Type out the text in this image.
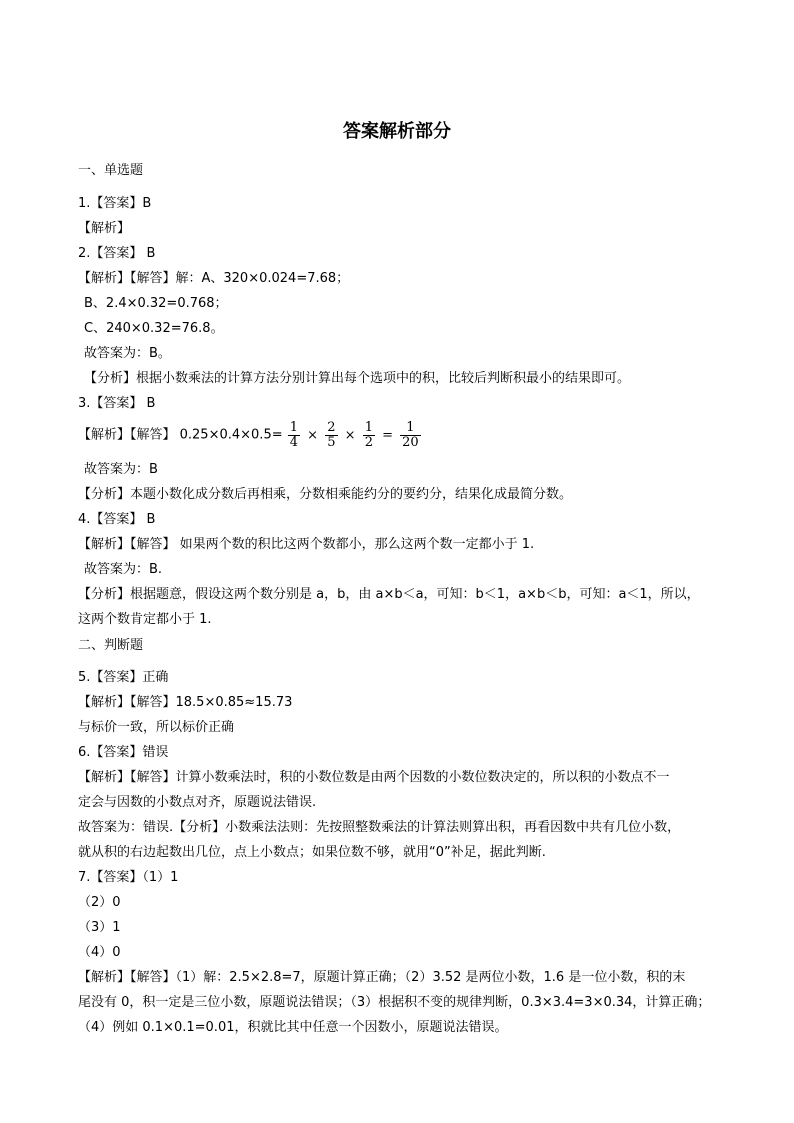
答案解析部分
一、单选题
1.【答案】B
【解析】
2.【答案】 B
【解析】【解答】解：A、320×0.024=7.68；
B、2.4×0.32=0.768；
C、240×0.32=76.8。
故答案为：B。
【分析】根据小数乘法的计算方法分别计算出每个选项中的积，比较后判断积最小的结果即可。
3.【答案】 B
【解析】【解答】 $0.25\times 0.4\times 0.5= \frac{1}{4} \times \frac{2}{5} \times \frac{1}{2} = \frac{1}{20}$
故答案为：B
【分析】本题小数化成分数后再相乘，分数相乘能约分的要约分，结果化成最简分数。
4.【答案】 B
【解析】【解答】 如果两个数的积比这两个数都小，那么这两个数一定都小于 1.
故答案为：B.
【分析】根据题意，假设这两个数分别是 a，b，由 a×b＜a，可知：b＜1，a×b＜b，可知：a＜1，所以，
这两个数肯定都小于 1.
二、判断题
5.【答案】正确
【解析】【解答】18.5×0.85≈15.73
与标价一致，所以标价正确
6.【答案】错误
【解析】【解答】计算小数乘法时，积的小数位数是由两个因数的小数位数决定的，所以积的小数点不一
定会与因数的小数点对齐，原题说法错误.
故答案为：错误.【分析】小数乘法法则：先按照整数乘法的计算法则算出积，再看因数中共有几位小数，
就从积的右边起数出几位，点上小数点；如果位数不够，就用“0”补足，据此判断.
7.【答案】（1）1
（2）0
（3）1
（4）0
【解析】【解答】（1）解：2.5×2.8=7，原题计算正确；（2）3.52 是两位小数，1.6 是一位小数，积的末
尾没有 0，积一定是三位小数，原题说法错误；（3）根据积不变的规律判断，0.3×3.4=3×0.34，计算正确；
（4）例如 0.1×0.1=0.01，积就比其中任意一个因数小，原题说法错误。
